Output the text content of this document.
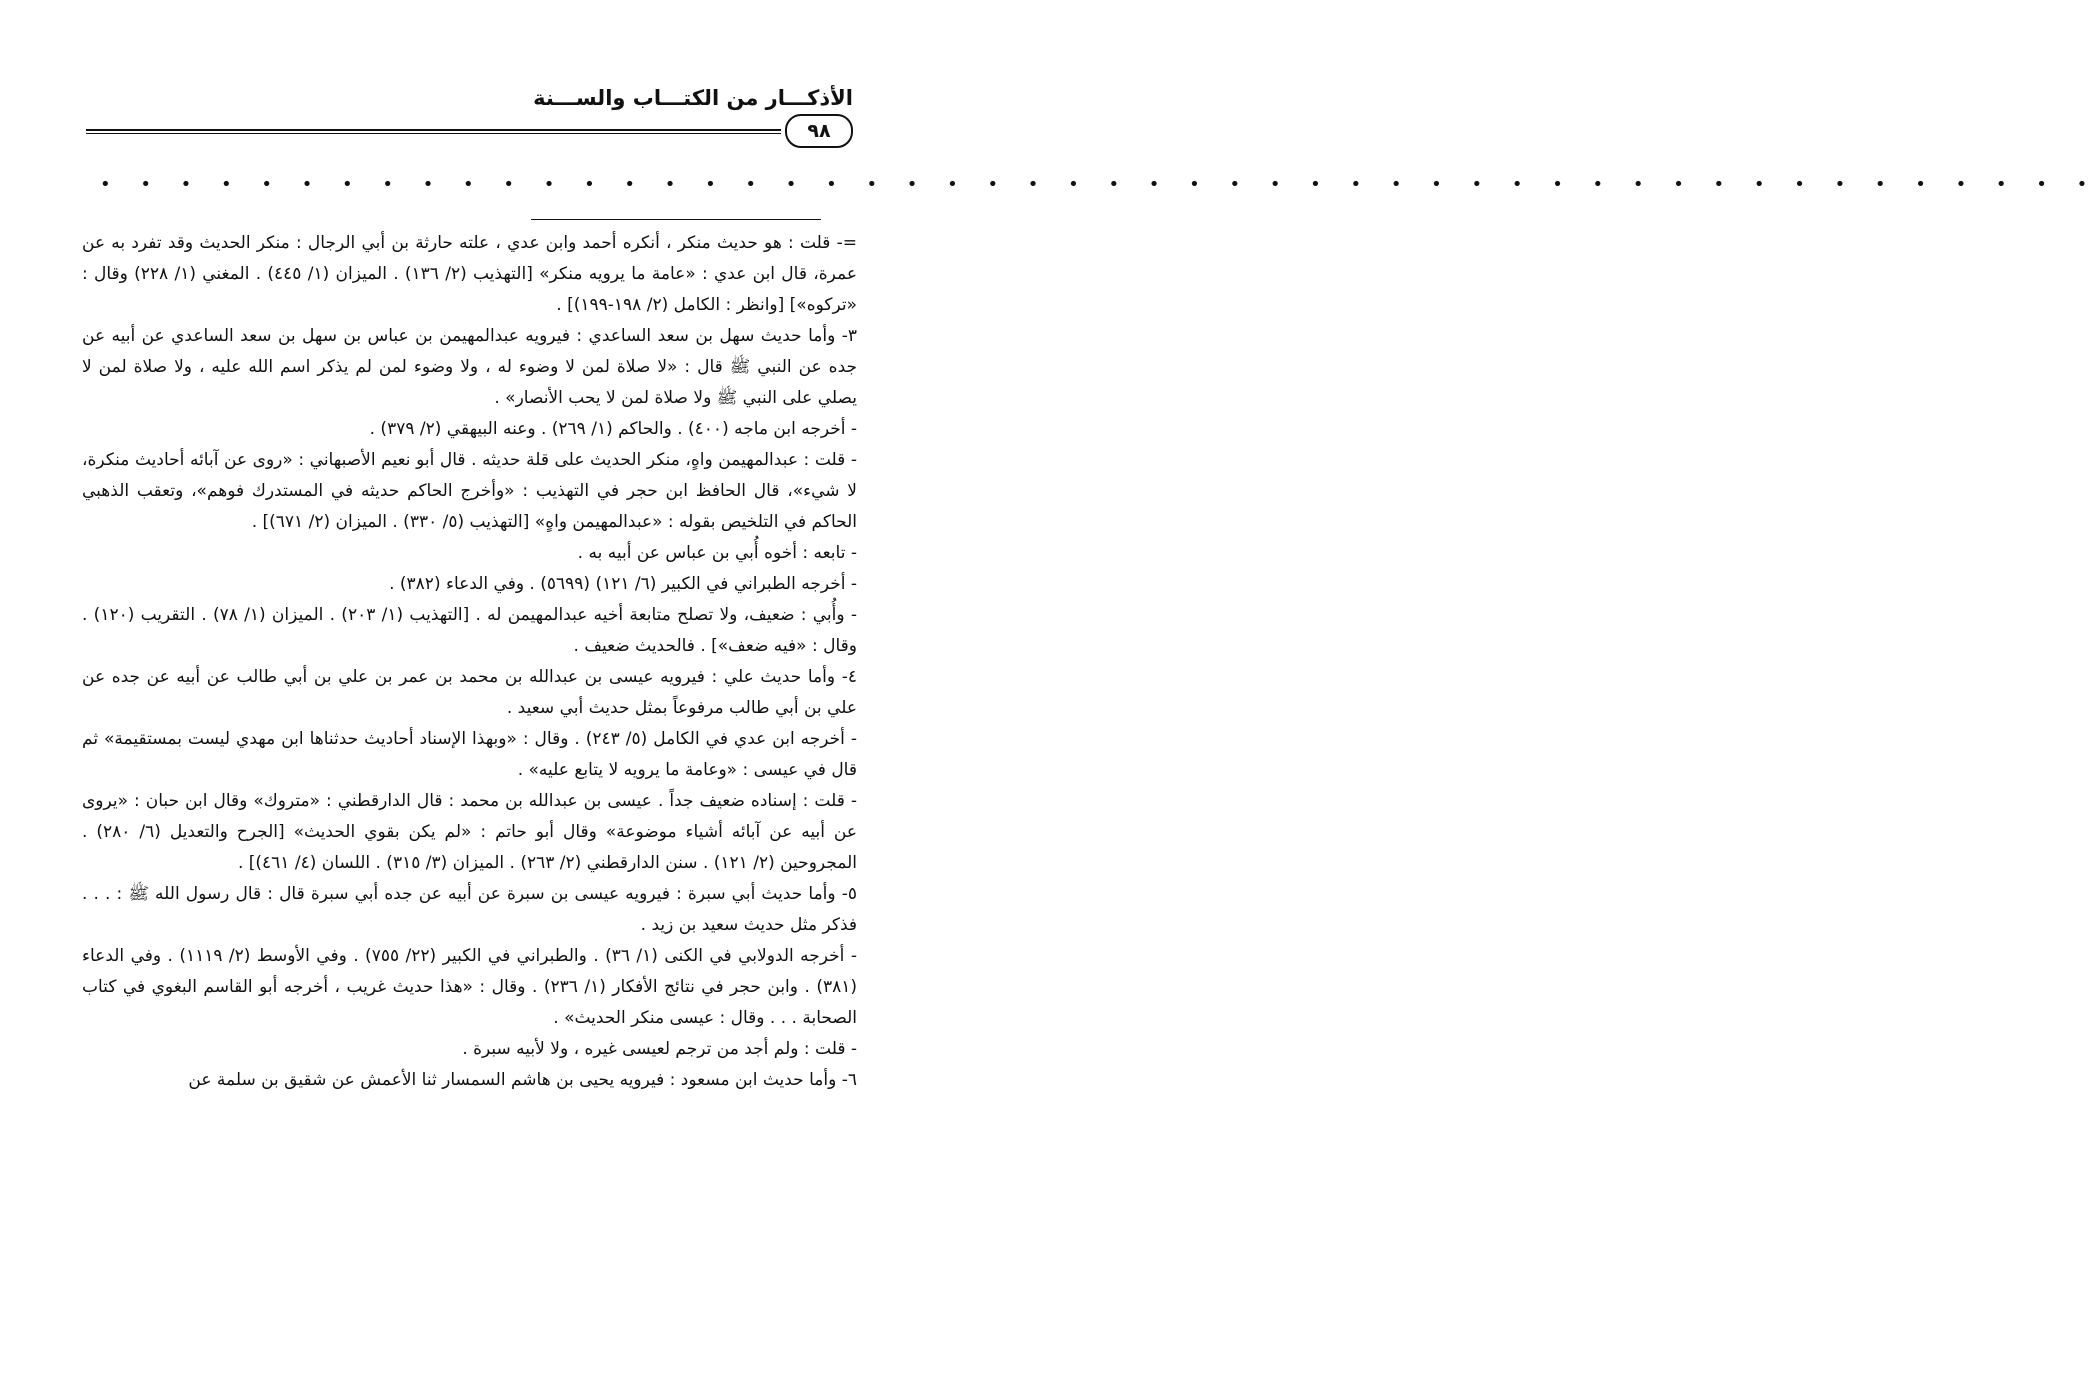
الأذكـــار من الكتـــاب والســـنة
٩٨
• • • • • • • • • • • • • • • • • • • • • • • • • • • • • • • • • • • • • • • • • • • • • • • • • •

=- قلت : هو حديث منكر ، أنكره أحمد وابن عدي ، علته حارثة بن أبي الرجال : منكر الحديث وقد تفرد به عن عمرة، قال ابن عدي : «عامة ما يرويه منكر» [التهذيب (٢/ ١٣٦) . الميزان (١/ ٤٤٥) . المغني (١/ ٢٢٨) وقال : «تركوه»] [وانظر : الكامل (٢/ ١٩٨-١٩٩)] .

٣- وأما حديث سهل بن سعد الساعدي : فيرويه عبدالمهيمن بن عباس بن سهل بن سعد الساعدي عن أبيه عن جده عن النبي ﷺ قال : «لا صلاة لمن لا وضوء له ، ولا وضوء لمن لم يذكر اسم الله عليه ، ولا صلاة لمن لا يصلي على النبي ﷺ ولا صلاة لمن لا يحب الأنصار» .

- أخرجه ابن ماجه (٤٠٠) . والحاكم (١/ ٢٦٩) . وعنه البيهقي (٢/ ٣٧٩) .

- قلت : عبدالمهيمن واهٍ، منكر الحديث على قلة حديثه . قال أبو نعيم الأصبهاني : «روى عن آبائه أحاديث منكرة، لا شيء»، قال الحافظ ابن حجر في التهذيب : «وأخرج الحاكم حديثه في المستدرك فوهم»، وتعقب الذهبي الحاكم في التلخيص بقوله : «عبدالمهيمن واهٍ» [التهذيب (٥/ ٣٣٠) . الميزان (٢/ ٦٧١)] .

- تابعه : أخوه أُبي بن عباس عن أبيه به .

- أخرجه الطبراني في الكبير (٦/ ١٢١) (٥٦٩٩) . وفي الدعاء (٣٨٢) .

- وأُبي : ضعيف، ولا تصلح متابعة أخيه عبدالمهيمن له . [التهذيب (١/ ٢٠٣) . الميزان (١/ ٧٨) . التقريب (١٢٠) . وقال : «فيه ضعف»] . فالحديث ضعيف .

٤- وأما حديث علي : فيرويه عيسى بن عبدالله بن محمد بن عمر بن علي بن أبي طالب عن أبيه عن جده عن علي بن أبي طالب مرفوعاً بمثل حديث أبي سعيد .

- أخرجه ابن عدي في الكامل (٥/ ٢٤٣) . وقال : «وبهذا الإسناد أحاديث حدثناها ابن مهدي ليست بمستقيمة» ثم قال في عيسى : «وعامة ما يرويه لا يتابع عليه» .

- قلت : إسناده ضعيف جداً . عيسى بن عبدالله بن محمد : قال الدارقطني : «متروك» وقال ابن حبان : «يروى عن أبيه عن آبائه أشياء موضوعة» وقال أبو حاتم : «لم يكن بقوي الحديث» [الجرح والتعديل (٦/ ٢٨٠) . المجروحين (٢/ ١٢١) . سنن الدارقطني (٢/ ٢٦٣) . الميزان (٣/ ٣١٥) . اللسان (٤/ ٤٦١)] .

٥- وأما حديث أبي سبرة : فيرويه عيسى بن سبرة عن أبيه عن جده أبي سبرة قال : قال رسول الله ﷺ : . . . فذكر مثل حديث سعيد بن زيد .

- أخرجه الدولابي في الكنى (١/ ٣٦) . والطبراني في الكبير (٢٢/ ٧٥٥) . وفي الأوسط (٢/ ١١١٩) . وفي الدعاء (٣٨١) . وابن حجر في نتائج الأفكار (١/ ٢٣٦) . وقال : «هذا حديث غريب ، أخرجه أبو القاسم البغوي في كتاب الصحابة . . . وقال : عيسى منكر الحديث» .

- قلت : ولم أجد من ترجم لعيسى غيره ، ولا لأبيه سبرة .

٦- وأما حديث ابن مسعود : فيرويه يحيى بن هاشم السمسار ثنا الأعمش عن شقيق بن سلمة عن
